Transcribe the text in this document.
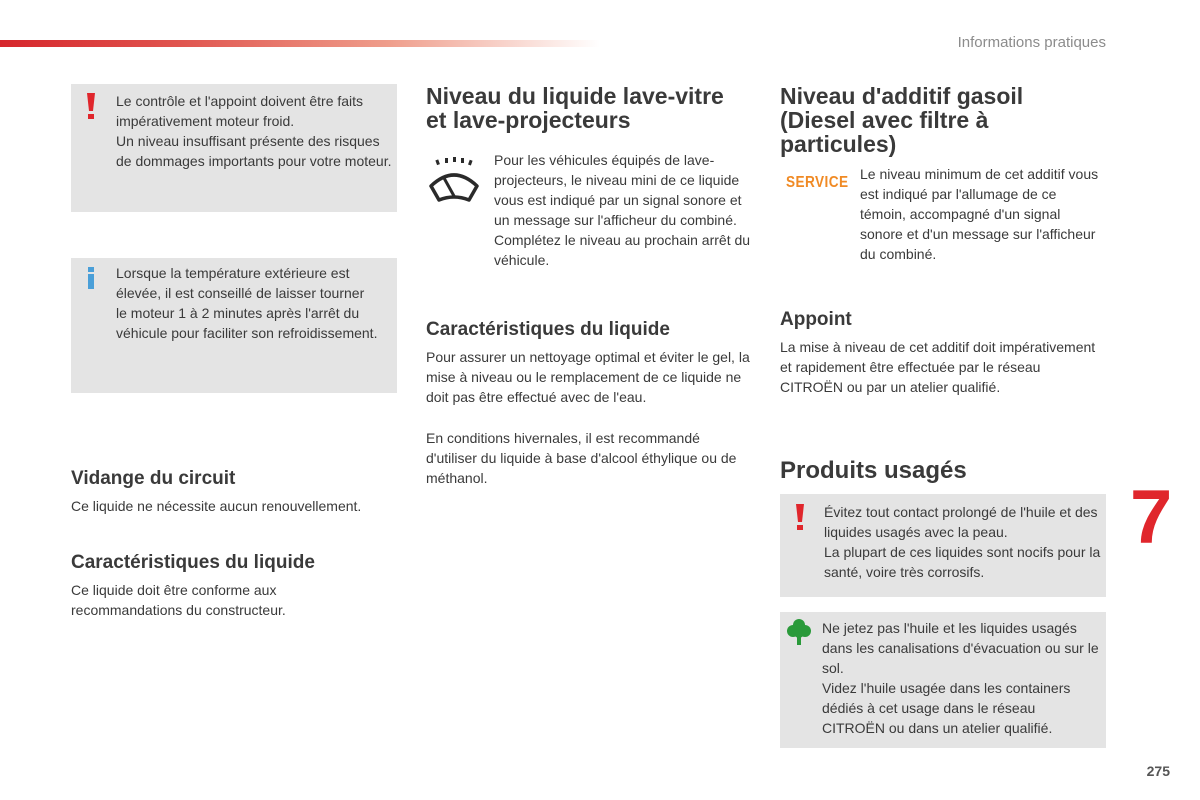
Informations pratiques

Le contrôle et l'appoint doivent être faits impérativement moteur froid.

Un niveau insuffisant présente des risques de dommages importants pour votre moteur.

Lorsque la température extérieure est élevée, il est conseillé de laisser tourner le moteur 1 à 2 minutes après l'arrêt du véhicule pour faciliter son refroidissement.

Vidange du circuit

Ce liquide ne nécessite aucun renouvellement.

Caractéristiques du liquide

Ce liquide doit être conforme aux recommandations du constructeur.

Niveau du liquide lave-vitre
et lave-projecteurs

Pour les véhicules équipés de lave-projecteurs, le niveau mini de ce liquide vous est indiqué par un signal sonore et un message sur l'afficheur du combiné.

Complétez le niveau au prochain arrêt du véhicule.

Caractéristiques du liquide

Pour assurer un nettoyage optimal et éviter le gel, la mise à niveau ou le remplacement de ce liquide ne doit pas être effectué avec de l'eau.

En conditions hivernales, il est recommandé d'utiliser du liquide à base d'alcool éthylique ou de méthanol.

Niveau d'additif gasoil
(Diesel avec filtre à
particules)
SERVICE Le niveau minimum de cet additif vous est indiqué par l'allumage de ce témoin, accompagné d'un signal sonore et d'un message sur l'afficheur du combiné.

Appoint

La mise à niveau de cet additif doit impérativement et rapidement être effectuée par le réseau CITROËN ou par un atelier qualifié.

Produits usagés

Évitez tout contact prolongé de l'huile et des liquides usagés avec la peau.

La plupart de ces liquides sont nocifs pour la santé, voire très corrosifs.

Ne jetez pas l'huile et les liquides usagés dans les canalisations d'évacuation ou sur le sol.

Videz l'huile usagée dans les containers dédiés à cet usage dans le réseau CITROËN ou dans un atelier qualifié.

7
275
